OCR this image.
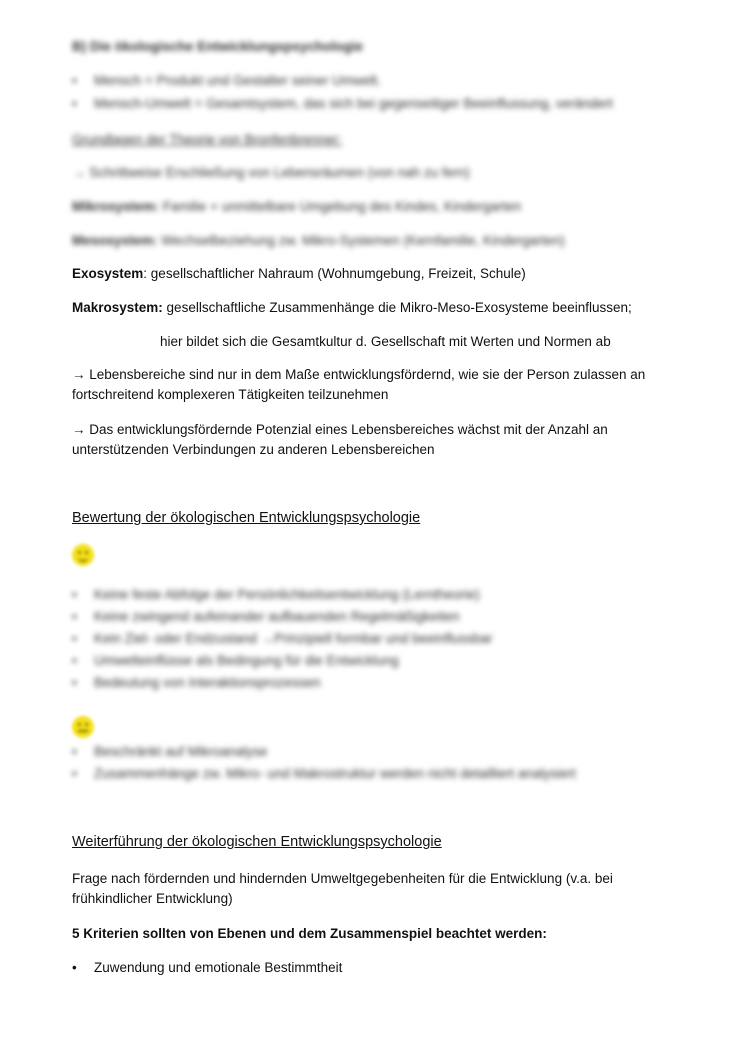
B) Die ökologische Entwicklungspsychologie
• Mensch = Produkt und Gestalter seiner Umwelt.
• Mensch-Umwelt = Gesamtsystem, das sich bei gegenseitiger Beeinflussung, verändert
Grundlagen der Theorie von Bronfenbrenner:
→ Schrittweise Erschließung von Lebensräumen (von nah zu fern)
Mikrosystem: Familie + unmittelbare Umgebung des Kindes, Kindergarten
Mesosystem: Wechselbeziehung zw. Mikro-Systemen (Kernfamilie, Kindergarten)
Exosystem: gesellschaftlicher Nahraum (Wohnumgebung, Freizeit, Schule)
Makrosystem: gesellschaftliche Zusammenhänge die Mikro-Meso-Exosysteme beeinflussen;
hier bildet sich die Gesamtkultur d. Gesellschaft mit Werten und Normen ab
→ Lebensbereiche sind nur in dem Maße entwicklungsfördernd, wie sie der Person zulassen an
fortschreitend komplexeren Tätigkeiten teilzunehmen
→ Das entwicklungsfördernde Potenzial eines Lebensbereiches wächst mit der Anzahl an
unterstützenden Verbindungen zu anderen Lebensbereichen
Bewertung der ökologischen Entwicklungspsychologie
• Keine feste Abfolge der Persönlichkeitsentwicklung (Lerntheorie)
• Keine zwingend aufeinander aufbauenden Regelmäßigkeiten
• Kein Ziel- oder Endzustand →Prinzipiell formbar und beeinflussbar
• Umwelteinflüsse als Bedingung für die Entwicklung
• Bedeutung von Interaktionsprozessen
• Beschränkt auf Mikroanalyse
• Zusammenhänge zw. Mikro- und Makrostruktur werden nicht detailliert analysiert
Weiterführung der ökologischen Entwicklungspsychologie
Frage nach fördernden und hindernden Umweltgegebenheiten für die Entwicklung (v.a. bei
frühkindlicher Entwicklung)
5 Kriterien sollten von Ebenen und dem Zusammenspiel beachtet werden:
• Zuwendung und emotionale Bestimmtheit
